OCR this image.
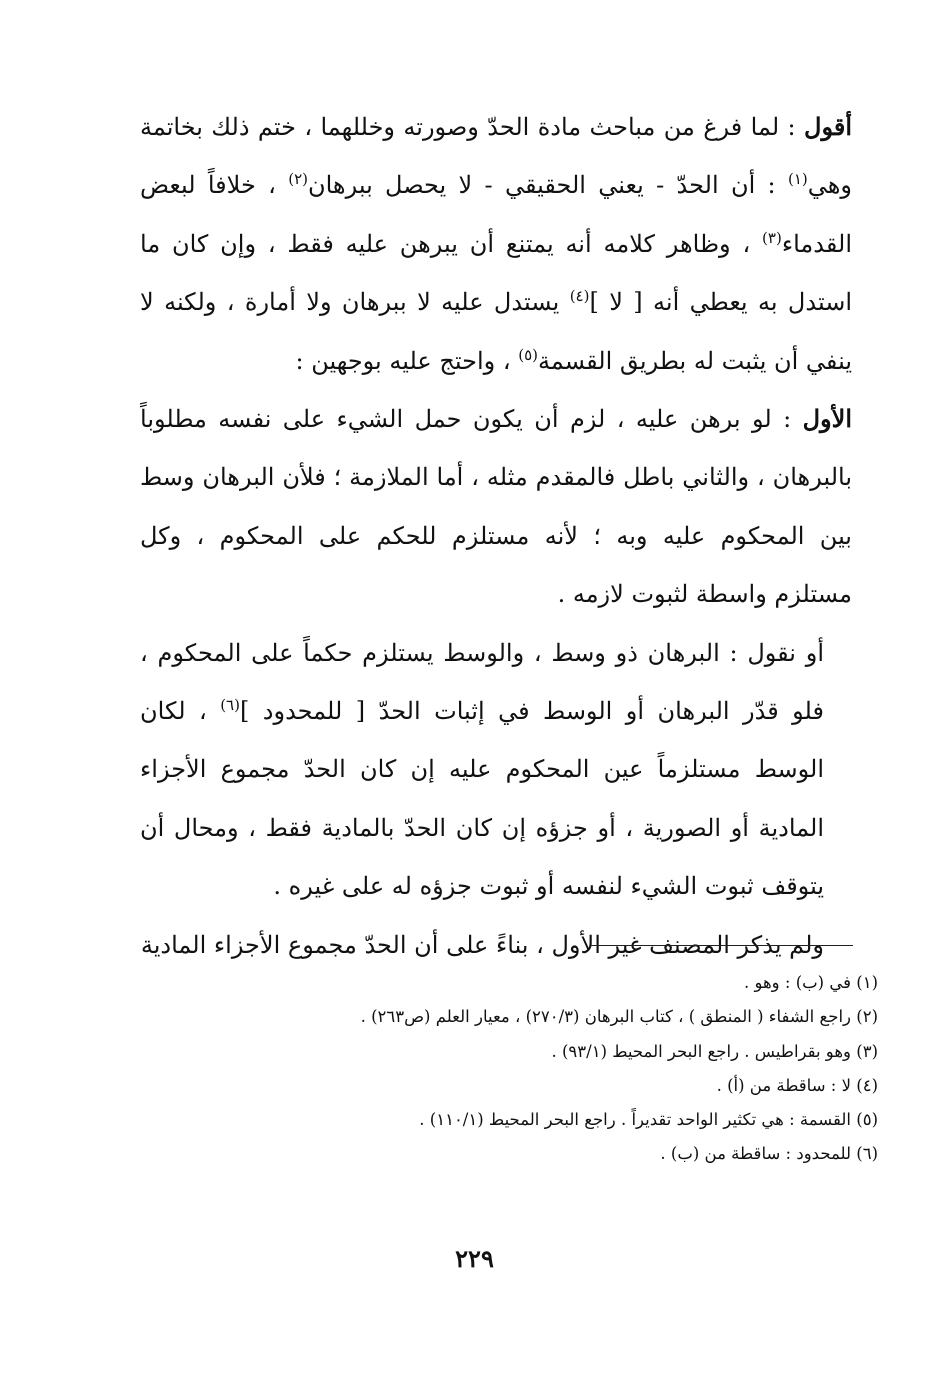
أقول : لما فرغ من مباحث مادة الحدّ وصورته وخللهما ، ختم ذلك بخاتمة وهي$^{(١)}$ : أن الحدّ - يعني الحقيقي - لا يحصل ببرهان$^{(٢)}$ ، خلافاً لبعض القدماء$^{(٣)}$ ، وظاهر كلامه أنه يمتنع أن يبرهن عليه فقط ، وإن كان ما استدل به يعطي أنه [ لا ]$^{(٤)}$ يستدل عليه لا ببرهان ولا أمارة ، ولكنه لا ينفي أن يثبت له بطريق القسمة$^{(٥)}$ ، واحتج عليه بوجهين :

الأول : لو برهن عليه ، لزم أن يكون حمل الشيء على نفسه مطلوباً بالبرهان ، والثاني باطل فالمقدم مثله ، أما الملازمة ؛ فلأن البرهان وسط بين المحكوم عليه وبه ؛ لأنه مستلزم للحكم على المحكوم ، وكل مستلزم واسطة لثبوت لازمه .

أو نقول : البرهان ذو وسط ، والوسط يستلزم حكماً على المحكوم ، فلو قدّر البرهان أو الوسط في إثبات الحدّ [ للمحدود ]$^{(٦)}$ ، لكان الوسط مستلزماً عين المحكوم عليه إن كان الحدّ مجموع الأجزاء المادية أو الصورية ، أو جزؤه إن كان الحدّ بالمادية فقط ، ومحال أن يتوقف ثبوت الشيء لنفسه أو ثبوت جزؤه له على غيره .

ولم يذكر المصنف غير الأول ، بناءً على أن الحدّ مجموع الأجزاء المادية

(١) في (ب) : وهو .
(٢) راجع الشفاء ( المنطق ) ، كتاب البرهان (٢٧٠/٣) ، معيار العلم (ص٢٦٣) .
(٣) وهو بقراطيس . راجع البحر المحيط (٩٣/١) .
(٤) لا : ساقطة من (أ) .
(٥) القسمة : هي تكثير الواحد تقديراً . راجع البحر المحيط (١١٠/١) .
(٦) للمحدود : ساقطة من (ب) .
٢٢٩
